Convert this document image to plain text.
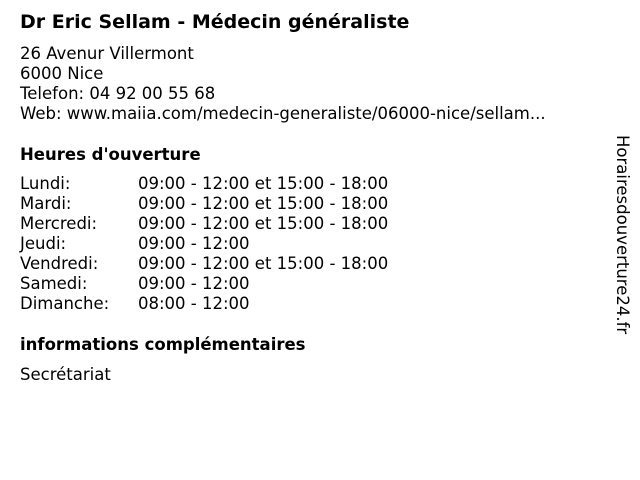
Dr Eric Sellam - Médecin généraliste
26 Avenur Villermont
6000 Nice
Telefon: 04 92 00 55 68
Web: www.maiia.com/medecin-generaliste/06000-nice/sellam...
Heures d'ouverture
Lundi:	09:00 - 12:00 et 15:00 - 18:00
Mardi:	09:00 - 12:00 et 15:00 - 18:00
Mercredi: 09:00 - 12:00 et 15:00 - 18:00
Jeudi:	09:00 - 12:00
Vendredi: 09:00 - 12:00 et 15:00 - 18:00
Samedi:	09:00 - 12:00
Dimanche: 08:00 - 12:00
informations complémentaires
Secrétariat
Horairesdouverture24.fr
